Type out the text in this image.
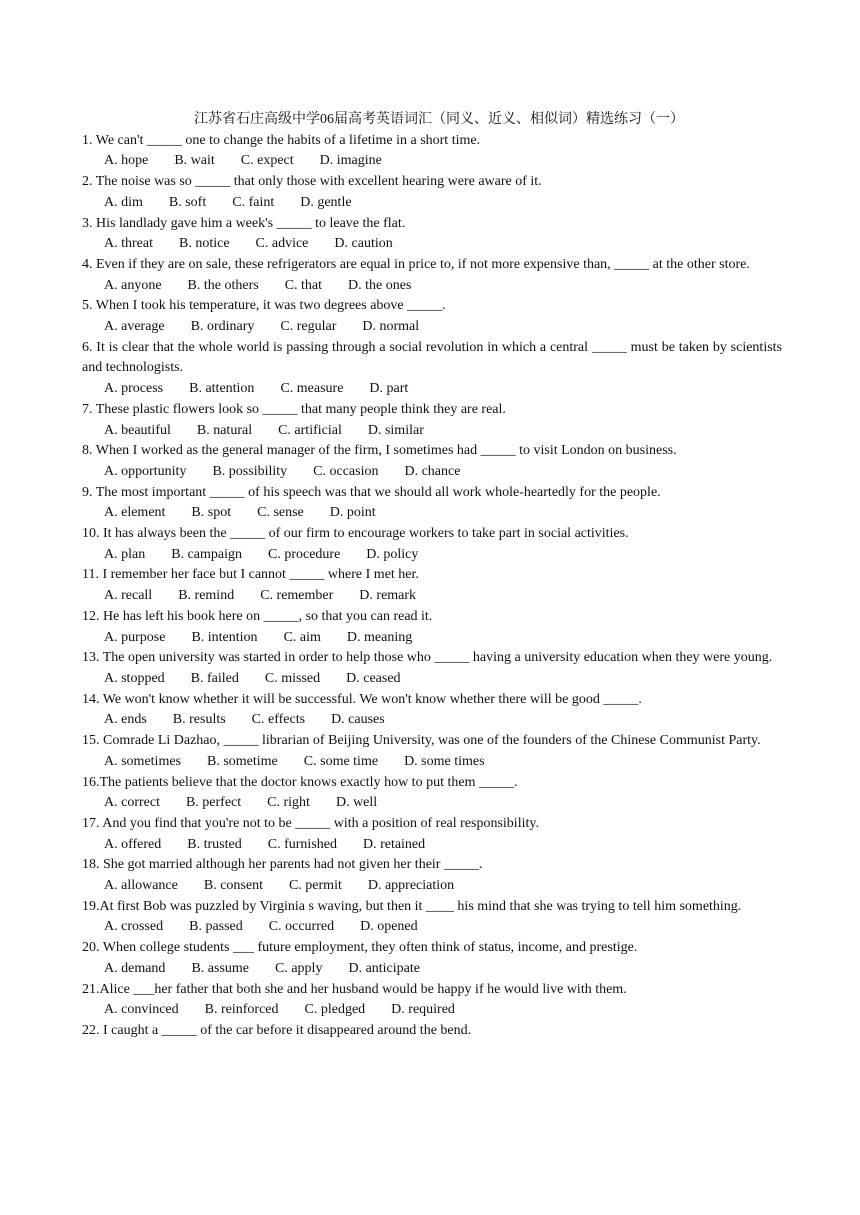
江苏省石庄高级中学06届高考英语词汇（同义、近义、相似词）精选练习（一）
1. We can't _____ one to change the habits of a lifetime in a short time.
A. hope B. wait C. expect D. imagine
2. The noise was so _____ that only those with excellent hearing were aware of it.
A. dim B. soft C. faint D. gentle
3. His landlady gave him a week's _____ to leave the flat.
A. threat B. notice C. advice D. caution
4. Even if they are on sale, these refrigerators are equal in price to, if not more expensive than, _____ at the other store.
A. anyone B. the others C. that D. the ones
5. When I took his temperature, it was two degrees above _____.
A. average B. ordinary C. regular D. normal
6. It is clear that the whole world is passing through a social revolution in which a central _____ must be taken by scientists and technologists.
A. process B. attention C. measure D. part
7. These plastic flowers look so _____ that many people think they are real.
A. beautiful B. natural C. artificial D. similar
8. When I worked as the general manager of the firm, I sometimes had _____ to visit London on business.
A. opportunity B. possibility C. occasion D. chance
9. The most important _____ of his speech was that we should all work whole-heartedly for the people.
A. element B. spot C. sense D. point
10. It has always been the _____ of our firm to encourage workers to take part in social activities.
A. plan B. campaign C. procedure D. policy
11. I remember her face but I cannot _____ where I met her.
A. recall B. remind C. remember D. remark
12. He has left his book here on _____, so that you can read it.
A. purpose B. intention C. aim D. meaning
13. The open university was started in order to help those who _____ having a university education when they were young.
A. stopped B. failed C. missed D. ceased
14. We won't know whether it will be successful. We won't know whether there will be good _____.
A. ends B. results C. effects D. causes
15. Comrade Li Dazhao, _____ librarian of Beijing University, was one of the founders of the Chinese Communist Party.
A. sometimes B. sometime C. some time D. some times
16.The patients believe that the doctor knows exactly how to put them _____.
A. correct B. perfect C. right D. well
17. And you find that you're not to be _____ with a position of real responsibility.
A. offered B. trusted C. furnished D. retained
18. She got married although her parents had not given her their _____.
A. allowance B. consent C. permit D. appreciation
19.At first Bob was puzzled by Virginia s waving, but then it ____ his mind that she was trying to tell him something.
A. crossed B. passed C. occurred D. opened
20. When college students ___ future employment, they often think of status, income, and prestige.
A. demand B. assume C. apply D. anticipate
21.Alice ___her father that both she and her husband would be happy if he would live with them.
A. convinced B. reinforced C. pledged D. required
22. I caught a _____ of the car before it disappeared around the bend.
